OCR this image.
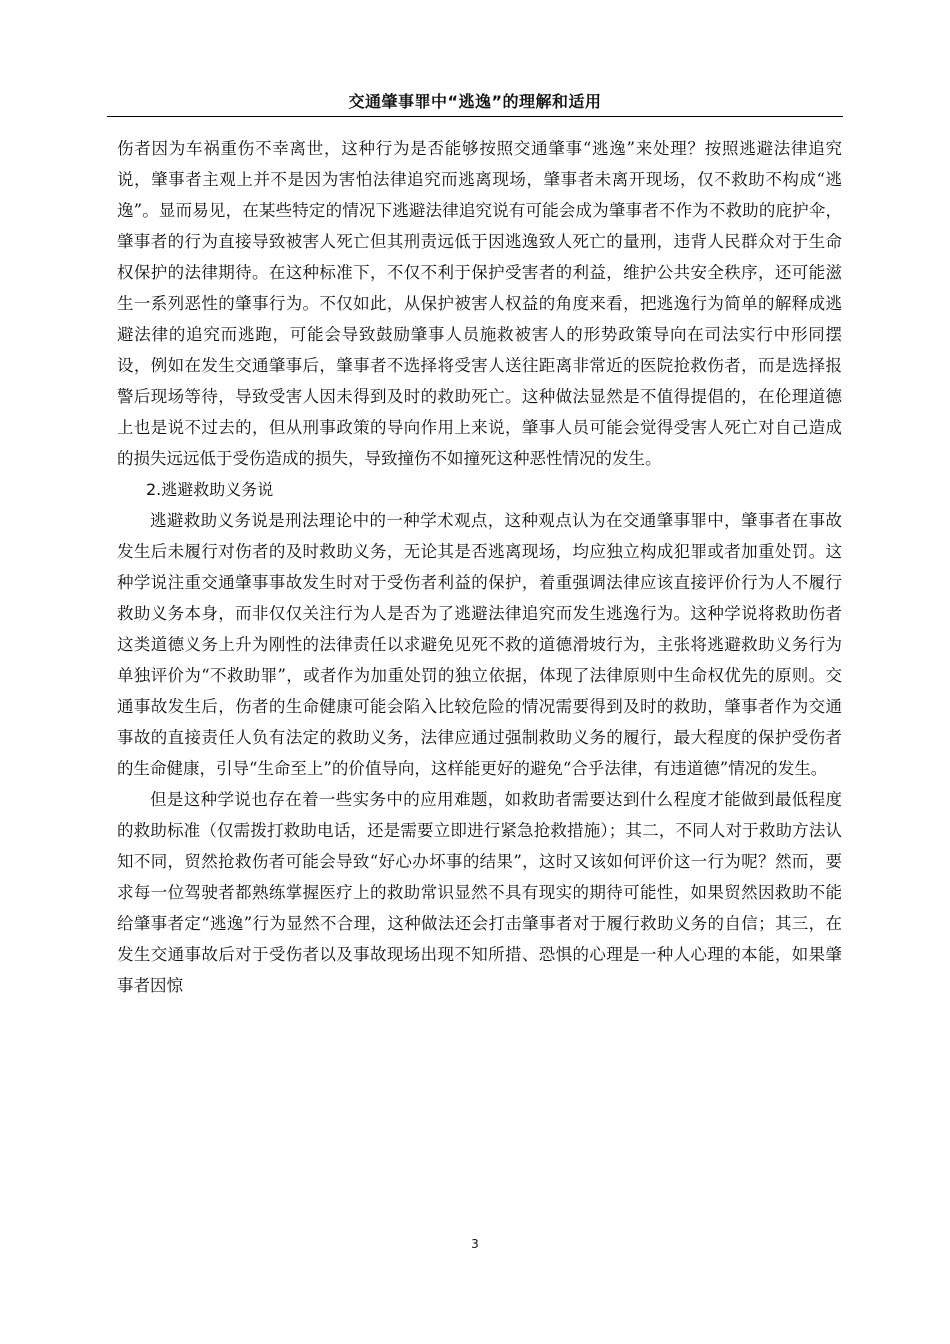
交通肇事罪中“逃逸”的理解和适用

伤者因为车祸重伤不幸离世，这种行为是否能够按照交通肇事“逃逸”来处理？按照逃避法律追究说，肇事者主观上并不是因为害怕法律追究而逃离现场，肇事者未离开现场，仅不救助不构成“逃逸”。显而易见，在某些特定的情况下逃避法律追究说有可能会成为肇事者不作为不救助的庇护伞，肇事者的行为直接导致被害人死亡但其刑责远低于因逃逸致人死亡的量刑，违背人民群众对于生命权保护的法律期待。在这种标准下，不仅不利于保护受害者的利益，维护公共安全秩序，还可能滋生一系列恶性的肇事行为。不仅如此，从保护被害人权益的角度来看，把逃逸行为简单的解释成逃避法律的追究而逃跑，可能会导致鼓励肇事人员施救被害人的形势政策导向在司法实行中形同摆设，例如在发生交通肇事后，肇事者不选择将受害人送往距离非常近的医院抢救伤者，而是选择报警后现场等待，导致受害人因未得到及时的救助死亡。这种做法显然是不值得提倡的，在伦理道德上也是说不过去的，但从刑事政策的导向作用上来说，肇事人员可能会觉得受害人死亡对自己造成的损失远远低于受伤造成的损失，导致撞伤不如撞死这种恶性情况的发生。

2.逃避救助义务说

逃避救助义务说是刑法理论中的一种学术观点，这种观点认为在交通肇事罪中，肇事者在事故发生后未履行对伤者的及时救助义务，无论其是否逃离现场，均应独立构成犯罪或者加重处罚。这种学说注重交通肇事事故发生时对于受伤者利益的保护，着重强调法律应该直接评价行为人不履行救助义务本身，而非仅仅关注行为人是否为了逃避法律追究而发生逃逸行为。这种学说将救助伤者这类道德义务上升为刚性的法律责任以求避免见死不救的道德滑坡行为，主张将逃避救助义务行为单独评价为“不救助罪”，或者作为加重处罚的独立依据，体现了法律原则中生命权优先的原则。交通事故发生后，伤者的生命健康可能会陷入比较危险的情况需要得到及时的救助，肇事者作为交通事故的直接责任人负有法定的救助义务，法律应通过强制救助义务的履行，最大程度的保护受伤者的生命健康，引导“生命至上”的价值导向，这样能更好的避免“合乎法律，有违道德”情况的发生。

但是这种学说也存在着一些实务中的应用难题，如救助者需要达到什么程度才能做到最低程度的救助标准（仅需拨打救助电话，还是需要立即进行紧急抢救措施）；其二，不同人对于救助方法认知不同，贸然抢救伤者可能会导致“好心办坏事的结果”，这时又该如何评价这一行为呢？然而，要求每一位驾驶者都熟练掌握医疗上的救助常识显然不具有现实的期待可能性，如果贸然因救助不能给肇事者定“逃逸”行为显然不合理，这种做法还会打击肇事者对于履行救助义务的自信；其三，在发生交通事故后对于受伤者以及事故现场出现不知所措、恐惧的心理是一种人心理的本能，如果肇事者因惊

3
